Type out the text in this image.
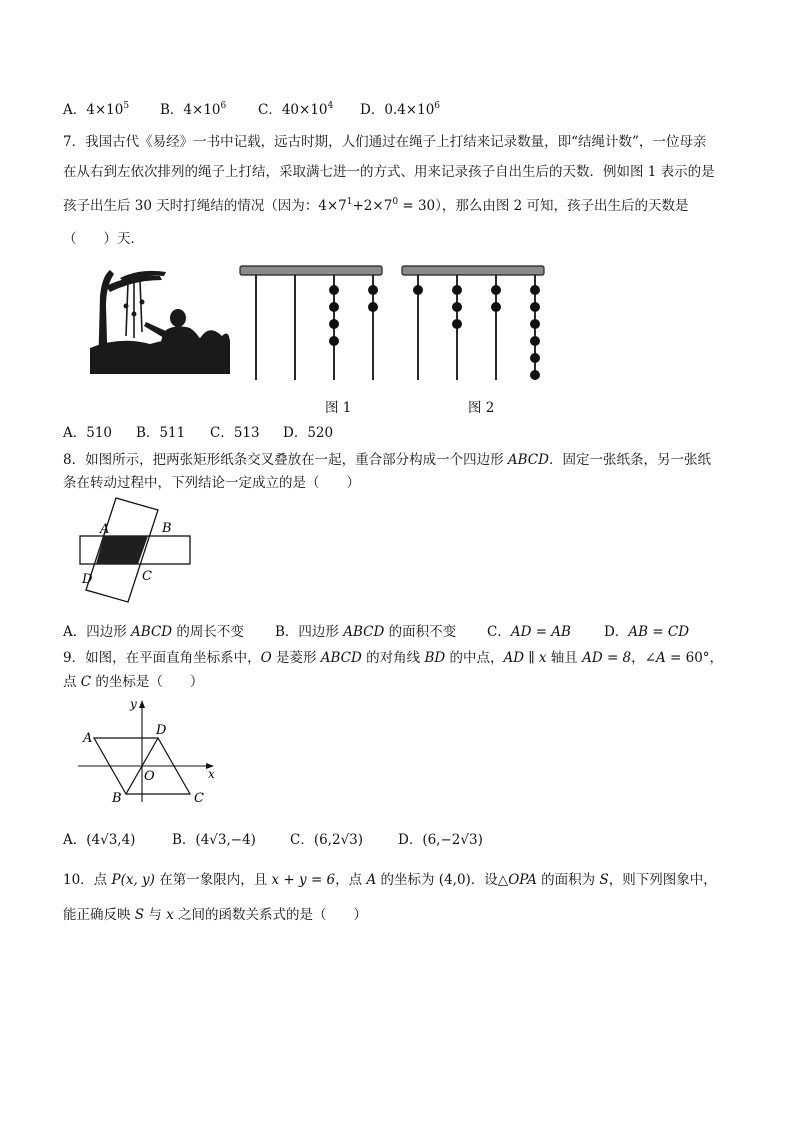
A．$4\times 10^5$ B．$4\times 10^6$ C．$40\times 10^4$ D．$0.4\times 10^6$
7．我国古代《易经》一书中记载，远古时期，人们通过在绳子上打结来记录数量，即“结绳计数”，一位母亲
在从右到左依次排列的绳子上打结，采取满七进一的方式、用来记录孩子自出生后的天数．例如图 1 表示的是
孩子出生后 30 天时打绳结的情况（因为：$4\times 7^1+2\times 7^0 = 30$），那么由图 2 可知，孩子出生后的天数是
（　　）天．
图 1	图 2
A．510 B．511 C．513 D．520
8．如图所示，把两张矩形纸条交叉叠放在一起，重合部分构成一个四边形 ABCD．固定一张纸条，另一张纸
条在转动过程中，下列结论一定成立的是（　　）
A	B
C
D
A．四边形 ABCD 的周长不变 B．四边形 ABCD 的面积不变 C．AD = AB D．AB = CD
9．如图，在平面直角坐标系中，O 是菱形 ABCD 的对角线 BD 的中点，AD ∥ x 轴且 AD = 8，∠A = 60°，
点 C 的坐标是（　　）
A
D
O
B	C
x
y
A．(4√3,4)	B．(4√3,−4)	C．(6,2√3)	D．(6,−2√3)
10．点 P(x, y) 在第一象限内，且 x + y = 6，点 A 的坐标为 (4,0)．设△OPA 的面积为 S，则下列图象中，
能正确反映 S 与 x 之间的函数关系式的是（　　）
